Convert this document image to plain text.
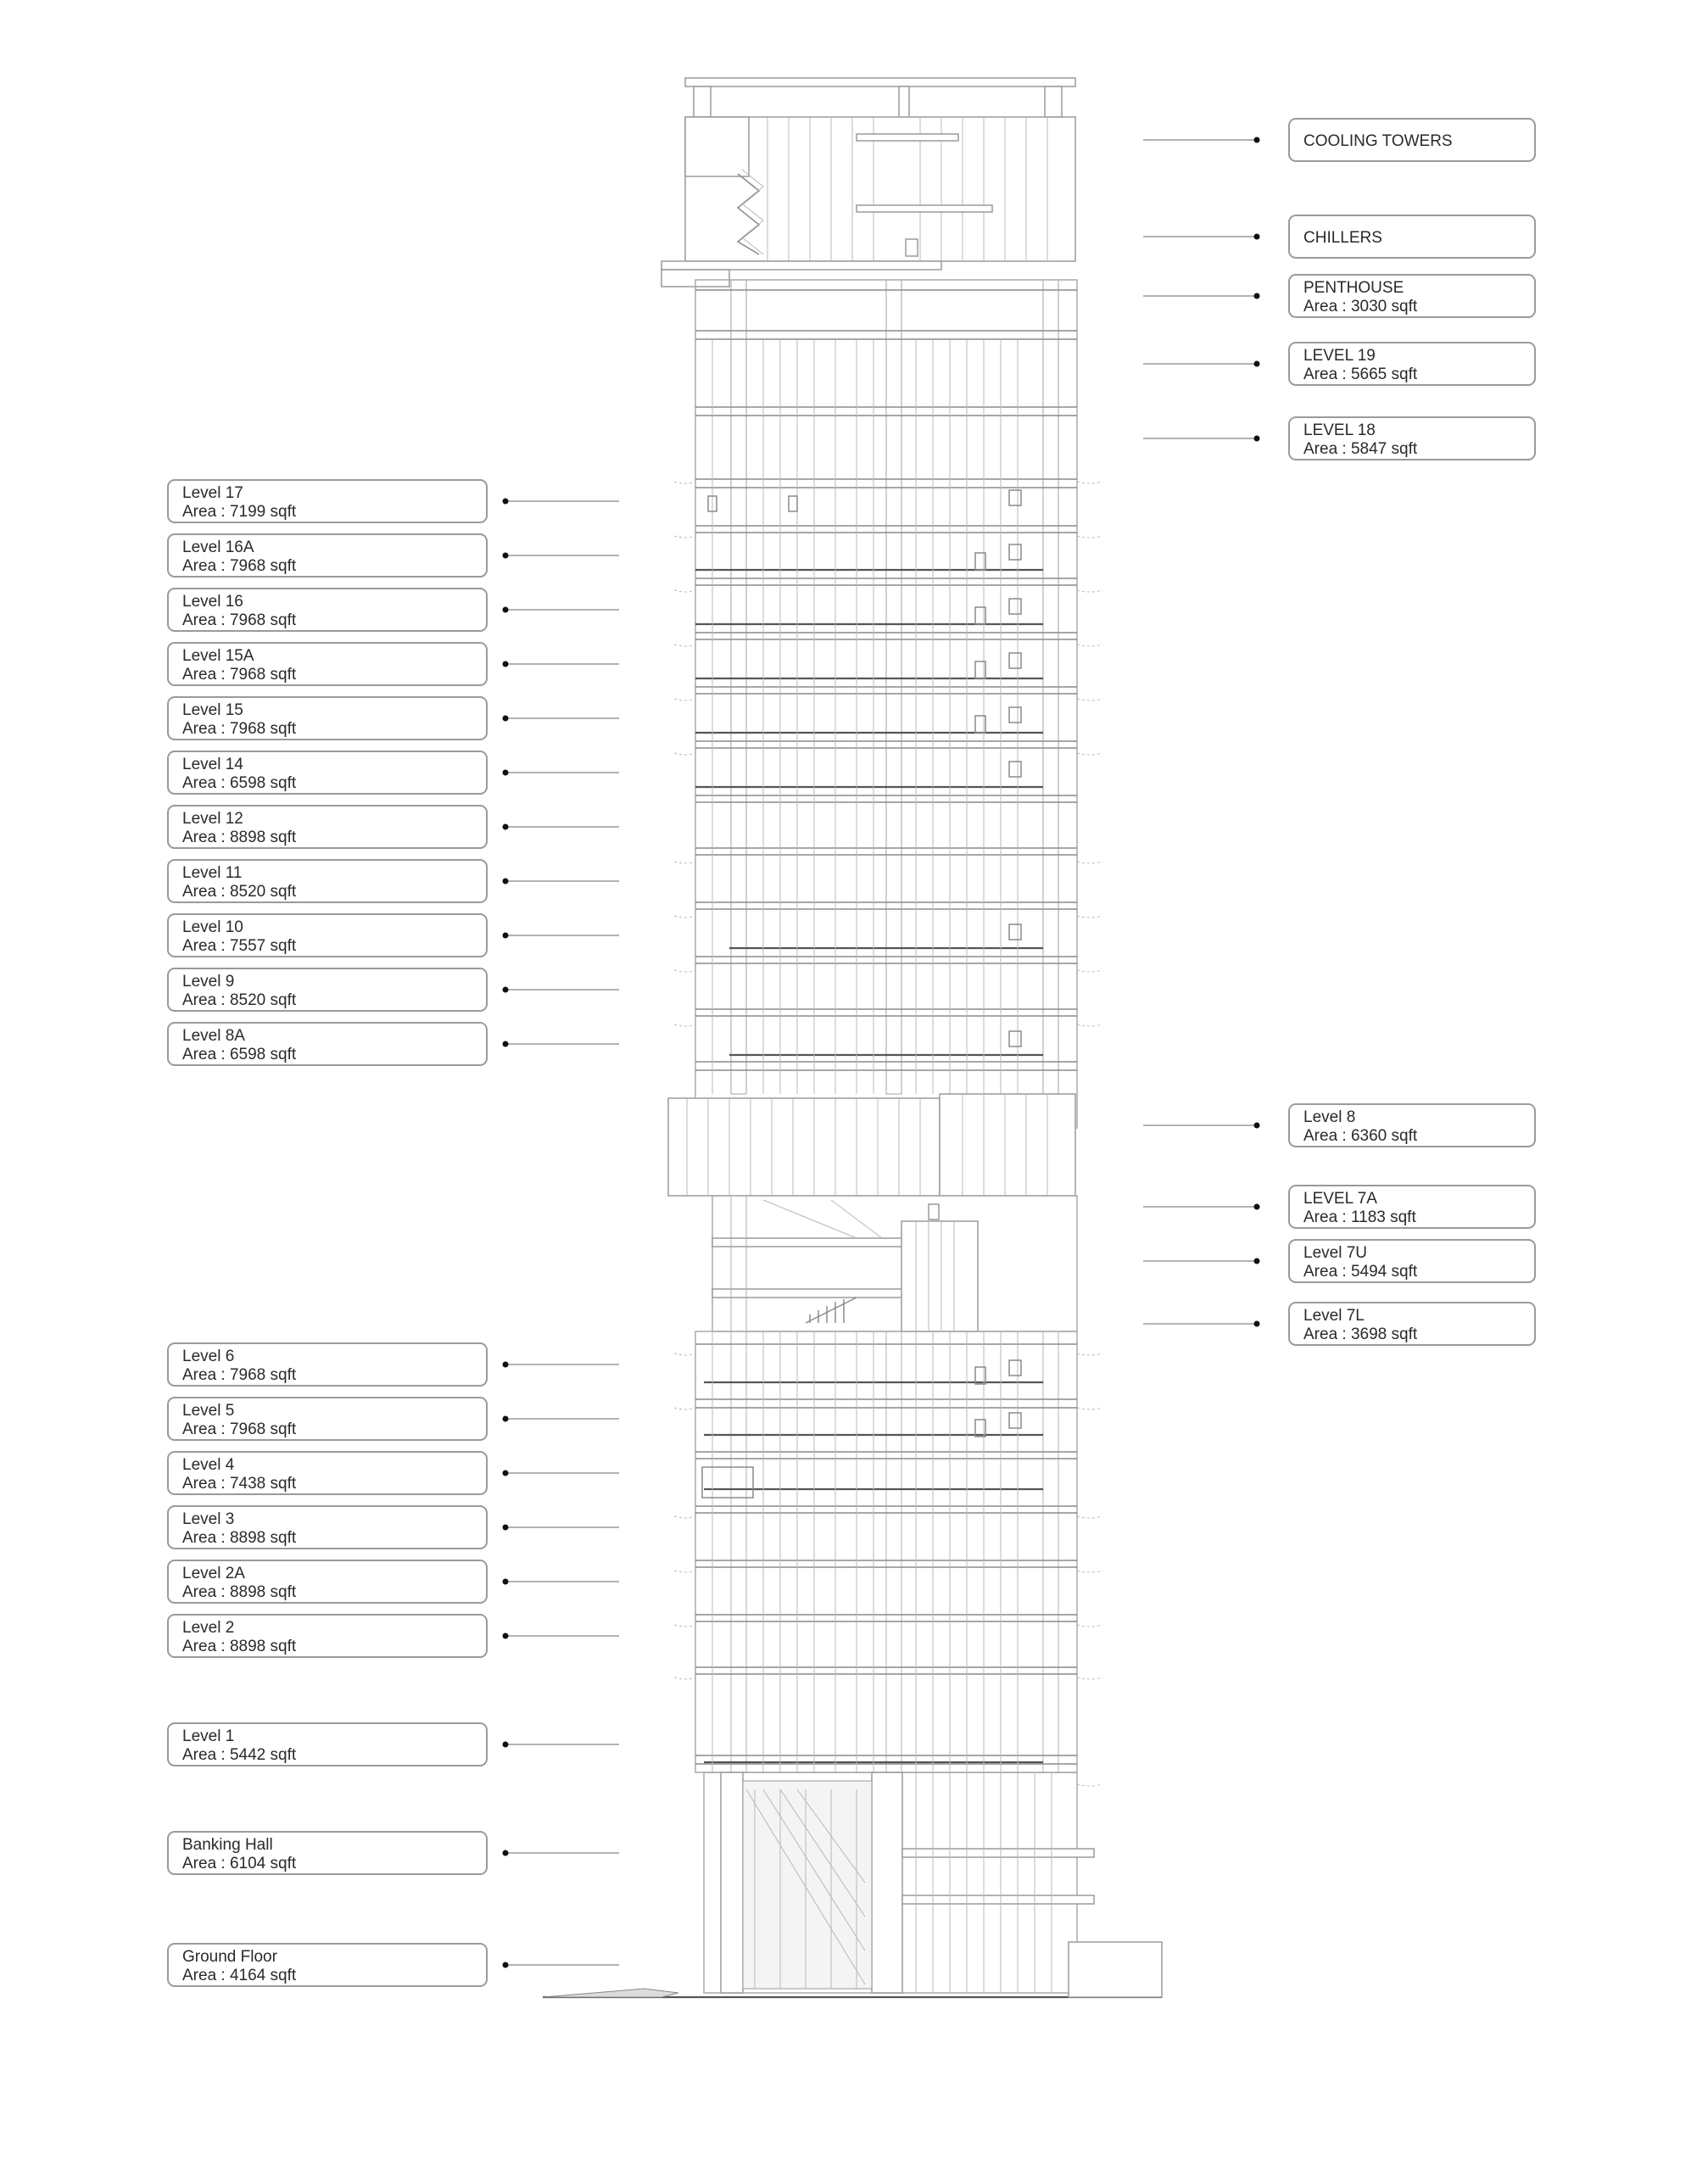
Level 17
Area : 7199 sqft
Level 16A
Area : 7968 sqft
Level 16
Area : 7968 sqft
Level 15A
Area : 7968 sqft
Level 15
Area : 7968 sqft
Level 14
Area : 6598 sqft
Level 12
Area : 8898 sqft
Level 11
Area : 8520 sqft
Level 10
Area : 7557 sqft
Level 9
Area : 8520 sqft
Level 8A
Area : 6598 sqft
Level 6
Area : 7968 sqft
Level 5
Area : 7968 sqft
Level 4
Area : 7438 sqft
Level 3
Area : 8898 sqft
Level 2A
Area : 8898 sqft
Level 2
Area : 8898 sqft
Level 1
Area : 5442 sqft
Banking Hall
Area : 6104 sqft
Ground Floor
Area : 4164 sqft
COOLING TOWERS
CHILLERS
PENTHOUSE
Area : 3030 sqft
LEVEL 19
Area : 5665 sqft
LEVEL 18
Area : 5847 sqft
Level 8
Area : 6360 sqft
LEVEL 7A
Area : 1183 sqft
Level 7U
Area : 5494 sqft
Level 7L
Area : 3698 sqft
